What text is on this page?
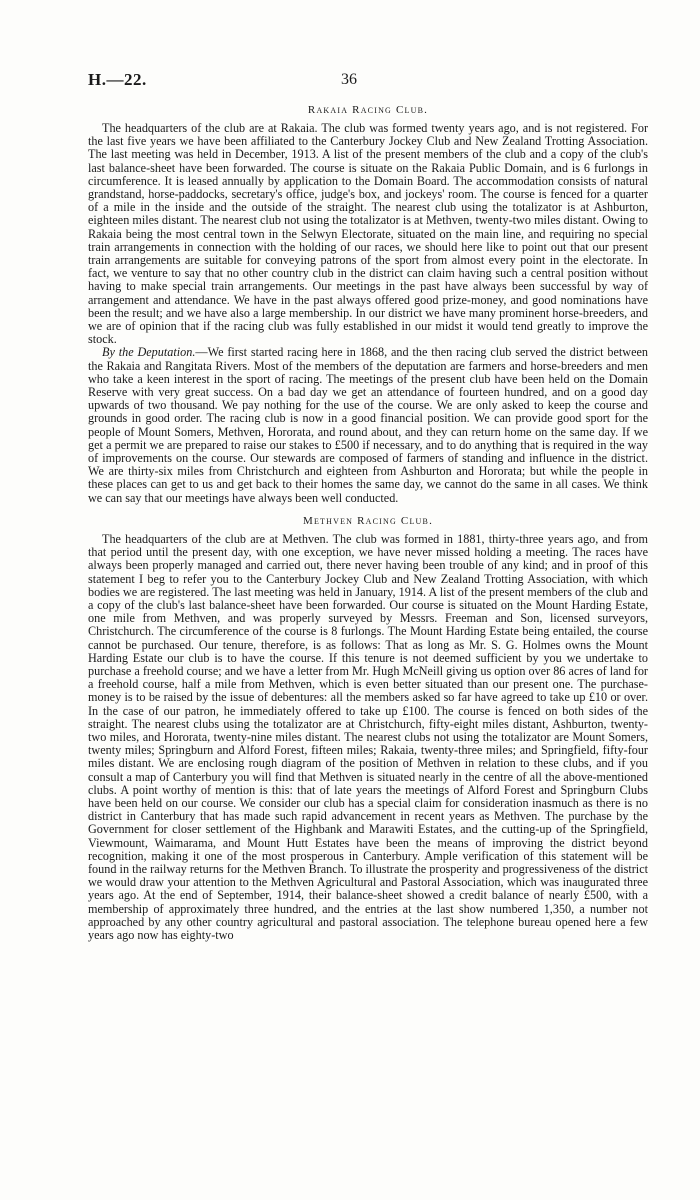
H.—22.	36
Rakaia Racing Club.

The headquarters of the club are at Rakaia. The club was formed twenty years ago, and is not registered. For the last five years we have been affiliated to the Canterbury Jockey Club and New Zealand Trotting Association. The last meeting was held in December, 1913. A list of the present members of the club and a copy of the club's last balance-sheet have been forwarded. The course is situate on the Rakaia Public Domain, and is 6 furlongs in circumference. It is leased annually by application to the Domain Board. The accommodation consists of natural grandstand, horse-paddocks, secretary's office, judge's box, and jockeys' room. The course is fenced for a quarter of a mile in the inside and the outside of the straight. The nearest club using the totalizator is at Ashburton, eighteen miles distant. The nearest club not using the totalizator is at Methven, twenty-two miles distant. Owing to Rakaia being the most central town in the Selwyn Electorate, situated on the main line, and requiring no special train arrangements in connection with the holding of our races, we should here like to point out that our present train arrangements are suitable for conveying patrons of the sport from almost every point in the electorate. In fact, we venture to say that no other country club in the district can claim having such a central position without having to make special train arrangements. Our meetings in the past have always been successful by way of arrangement and attendance. We have in the past always offered good prize-money, and good nominations have been the result; and we have also a large membership. In our district we have many prominent horse-breeders, and we are of opinion that if the racing club was fully established in our midst it would tend greatly to improve the stock.

By the Deputation.—We first started racing here in 1868, and the then racing club served the district between the Rakaia and Rangitata Rivers. Most of the members of the deputation are farmers and horse-breeders and men who take a keen interest in the sport of racing. The meetings of the present club have been held on the Domain Reserve with very great success. On a bad day we get an attendance of fourteen hundred, and on a good day upwards of two thousand. We pay nothing for the use of the course. We are only asked to keep the course and grounds in good order. The racing club is now in a good financial position. We can provide good sport for the people of Mount Somers, Methven, Hororata, and round about, and they can return home on the same day. If we get a permit we are prepared to raise our stakes to £500 if necessary, and to do anything that is required in the way of improvements on the course. Our stewards are composed of farmers of standing and influence in the district. We are thirty-six miles from Christchurch and eighteen from Ashburton and Hororata; but while the people in these places can get to us and get back to their homes the same day, we cannot do the same in all cases. We think we can say that our meetings have always been well conducted.

Methven Racing Club.

The headquarters of the club are at Methven. The club was formed in 1881, thirty-three years ago, and from that period until the present day, with one exception, we have never missed holding a meeting. The races have always been properly managed and carried out, there never having been trouble of any kind; and in proof of this statement I beg to refer you to the Canterbury Jockey Club and New Zealand Trotting Association, with which bodies we are registered. The last meeting was held in January, 1914. A list of the present members of the club and a copy of the club's last balance-sheet have been forwarded. Our course is situated on the Mount Harding Estate, one mile from Methven, and was properly surveyed by Messrs. Freeman and Son, licensed surveyors, Christchurch. The circumference of the course is 8 furlongs. The Mount Harding Estate being entailed, the course cannot be purchased. Our tenure, therefore, is as follows: That as long as Mr. S. G. Holmes owns the Mount Harding Estate our club is to have the course. If this tenure is not deemed sufficient by you we undertake to purchase a freehold course; and we have a letter from Mr. Hugh McNeill giving us option over 86 acres of land for a freehold course, half a mile from Methven, which is even better situated than our present one. The purchase-money is to be raised by the issue of debentures: all the members asked so far have agreed to take up £10 or over. In the case of our patron, he immediately offered to take up £100. The course is fenced on both sides of the straight. The nearest clubs using the totalizator are at Christchurch, fifty-eight miles distant, Ashburton, twenty-two miles, and Hororata, twenty-nine miles distant. The nearest clubs not using the totalizator are Mount Somers, twenty miles; Springburn and Alford Forest, fifteen miles; Rakaia, twenty-three miles; and Springfield, fifty-four miles distant. We are enclosing rough diagram of the position of Methven in relation to these clubs, and if you consult a map of Canterbury you will find that Methven is situated nearly in the centre of all the above-mentioned clubs. A point worthy of mention is this: that of late years the meetings of Alford Forest and Springburn Clubs have been held on our course. We consider our club has a special claim for consideration inasmuch as there is no district in Canterbury that has made such rapid advancement in recent years as Methven. The purchase by the Government for closer settlement of the Highbank and Marawiti Estates, and the cutting-up of the Springfield, Viewmount, Waimarama, and Mount Hutt Estates have been the means of improving the district beyond recognition, making it one of the most prosperous in Canterbury. Ample verification of this statement will be found in the railway returns for the Methven Branch. To illustrate the prosperity and progressiveness of the district we would draw your attention to the Methven Agricultural and Pastoral Association, which was inaugurated three years ago. At the end of September, 1914, their balance-sheet showed a credit balance of nearly £500, with a membership of approximately three hundred, and the entries at the last show numbered 1,350, a number not approached by any other country agricultural and pastoral association. The telephone bureau opened here a few years ago now has eighty-two
